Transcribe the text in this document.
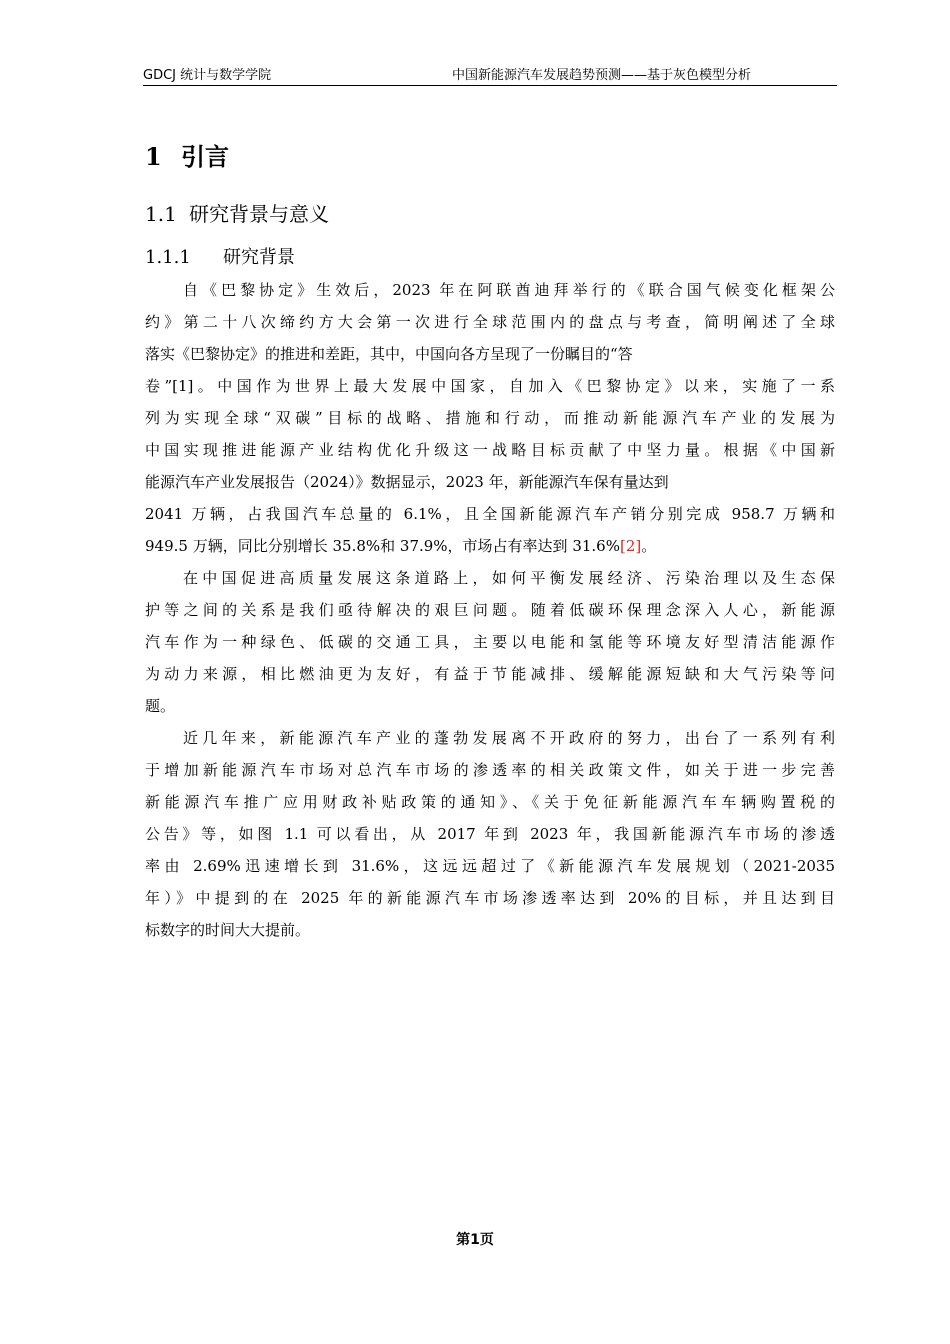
GDCJ 统计与数学学院	中国新能源汽车发展趋势预测——基于灰色模型分析
1 引言
1.1 研究背景与意义
1.1.1 研究背景
自《巴黎协定》生效后，2023 年在阿联酋迪拜举行的《联合国气候变化框架公
约》第二十八次缔约方大会第一次进行全球范围内的盘点与考查，简明阐述了全球
落实《巴黎协定》的推进和差距，其中，中国向各方呈现了一份瞩目的“答
卷”[1]。中国作为世界上最大发展中国家，自加入《巴黎协定》以来，实施了一系
列为实现全球“双碳”目标的战略、措施和行动，而推动新能源汽车产业的发展为
中国实现推进能源产业结构优化升级这一战略目标贡献了中坚力量。根据《中国新
能源汽车产业发展报告（2024）》数据显示，2023 年，新能源汽车保有量达到
2041 万辆，占我国汽车总量的 6.1%，且全国新能源汽车产销分别完成 958.7 万辆和
949.5 万辆，同比分别增长 35.8%和 37.9%，市场占有率达到 31.6%[2]。
在中国促进高质量发展这条道路上，如何平衡发展经济、污染治理以及生态保
护等之间的关系是我们亟待解决的艰巨问题。随着低碳环保理念深入人心，新能源
汽车作为一种绿色、低碳的交通工具，主要以电能和氢能等环境友好型清洁能源作
为动力来源，相比燃油更为友好，有益于节能减排、缓解能源短缺和大气污染等问
题。
近几年来，新能源汽车产业的蓬勃发展离不开政府的努力，出台了一系列有利
于增加新能源汽车市场对总汽车市场的渗透率的相关政策文件，如关于进一步完善
新能源汽车推广应用财政补贴政策的通知》、《关于免征新能源汽车车辆购置税的
公告》等，如图 1.1 可以看出，从 2017 年到 2023 年，我国新能源汽车市场的渗透
率由 2.69%迅速增长到 31.6%，这远远超过了《新能源汽车发展规划（2021-2035
年）》中提到的在 2025 年的新能源汽车市场渗透率达到 20%的目标，并且达到目
标数字的时间大大提前。
第1页
